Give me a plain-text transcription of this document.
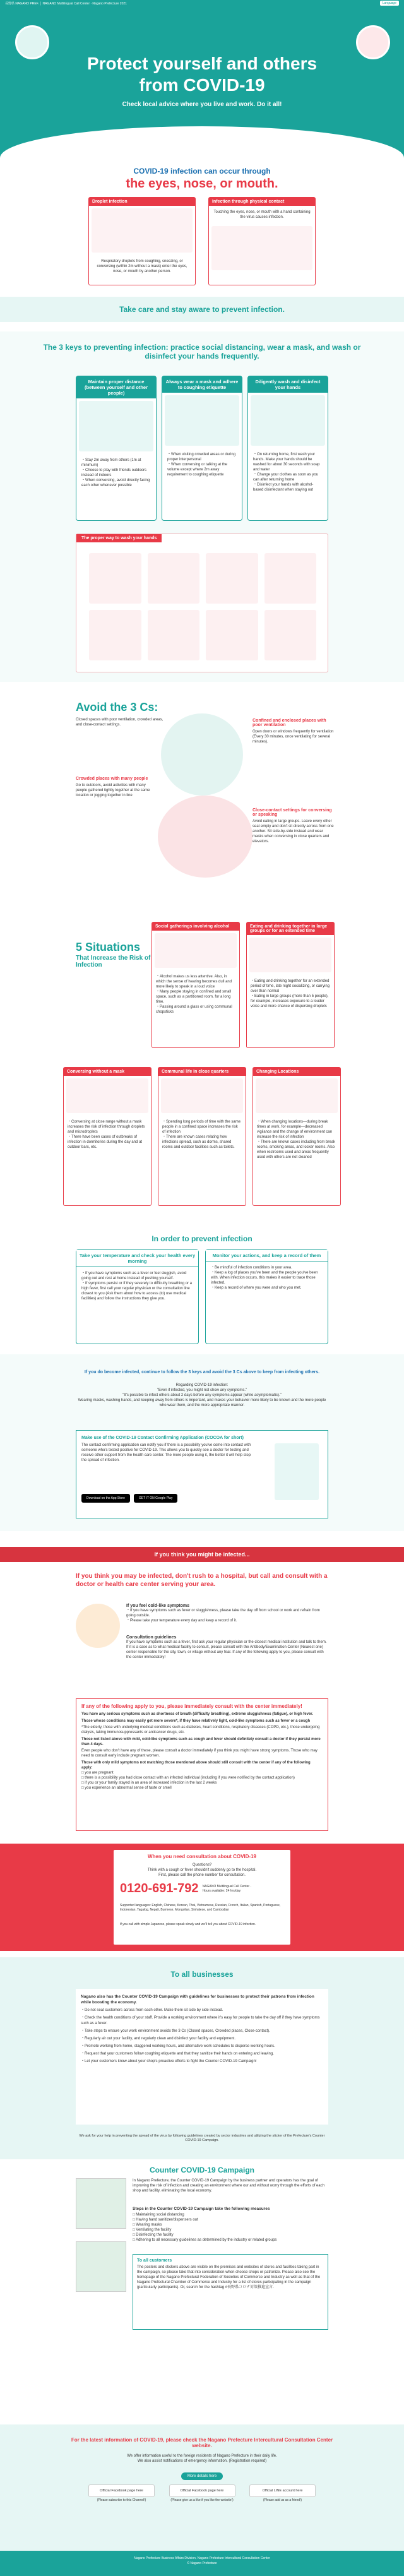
長野県 NAGANO PREF. │ NAGANO Multilingual Call Center · Nagano Prefecture 2021	Language
Protect yourself and others
from COVID-19

Check local advice where you live and work. Do it all!

COVID-19 infection can occur through
the eyes, nose, or mouth.
Droplet infection
Respiratory droplets from coughing, sneezing, or conversing (within 2m without a mask) enter the eyes, nose, or mouth by another person.
Infection through physical contact
Touching the eyes, nose, or mouth with a hand containing the virus causes infection.
Take care and stay aware to prevent infection.
The 3 keys to preventing infection: practice social distancing, wear a mask, and wash or disinfect your hands frequently.
Maintain proper distance (between yourself and other people)
・Stay 2m away from others (1m at minimum)
・Choose to play with friends outdoors instead of indoors
・When conversing, avoid directly facing each other whenever possible
Always wear a mask and adhere to coughing etiquette
・When visiting crowded areas or during proper interpersonal
・When conversing or talking at the volume except where 2m away requirement to coughing etiquette
Diligently wash and disinfect your hands
・On returning home, first wash your hands. Make your hands should be washed for about 30 seconds with soap and water
・Change your clothes as soon as you can after returning home
・Disinfect your hands with alcohol-based disinfectant when staying out
The proper way to wash your hands
Avoid the 3 Cs:
Closed spaces with poor ventilation, crowded areas, and close-contact settings.
Confined and enclosed places with poor ventilation
Open doors or windows frequently for ventilation (Every 30 minutes, once ventilating for several minutes).
Crowded places with many people
Go to outdoors, avoid activities with many people gathered tightly together at the same location or jogging together in line
Close-contact settings for conversing or speaking
Avoid eating in large groups. Leave every other seat empty and don't sit directly across from one another. Sit side-by-side instead and wear masks when conversing in close quarters and elevators.
5 Situations
That Increase the Risk of Infection
Social gatherings involving alcohol
・Alcohol makes us less attentive. Also, in which the sense of hearing becomes dull and more likely to speak in a loud voice
・Many people staying in confined and small space, such as a partitioned room, for a long time.
・Passing around a glass or using communal chopsticks
Eating and drinking together in large groups or for an extended time
・Eating and drinking together for an extended period of time, late night socializing, or carrying over than normal
・Eating in large groups (more than 5 people), for example, increases exposure to a louder voice and more chance of dispersing droplets
Conversing without a mask
・Conversing at close range without a mask increases the risk of infection through droplets and microdroplets
・There have been cases of outbreaks of infection in dormitories during the day and at outdoor bars, etc.
Communal life in close quarters
・Spending long periods of time with the same people in a confined space increases the risk of infection
・There are known cases relating how infections spread, such as dorms, shared rooms and outdoor facilities such as toilets.
Changing Locations
・When changing locations—during break times at work, for example—decreased vigilance and the change of environment can increase the risk of infection
・There are known cases including from break rooms, smoking areas, and locker rooms. Also when restrooms used and areas frequently used with others are not cleaned
In order to prevent infection
Take your temperature and check your health every morning
・If you have symptoms such as a fever or feel sluggish, avoid going out and rest at home instead of pushing yourself.
・If symptoms persist or if they severely to difficulty breathing or a high fever, first call your regular physician or the consultation line closest to you (Ask them about how to access (to) use medical facilities) and follow the instructions they give you.
Monitor your actions, and keep a record of them
・Be mindful of infection conditions in your area.
・Keep a log of places you've been and the people you've been with. When infection occurs, this makes it easier to trace those infected.
・Keep a record of where you were and who you met.
If you do become infected, continue to follow the 3 keys and avoid the 3 Cs above to keep from infecting others.
Regarding COVID-19 infection:
"Even if infected, you might not show any symptoms."
"It's possible to infect others about 2 days before any symptoms appear (while asymptomatic)."
Wearing masks, washing hands, and keeping away from others is important, and makes your behavior more likely to be known and the more people who wear them, and the more appropriate manner.
Make use of the COVID-19 Contact Confirming Application (COCOA for short)
The contact confirming application can notify you if there is a possibility you've come into contact with someone who's tested positive for COVID-19. This allows you to quickly see a doctor for testing and receive other support from the health care center. The more people using it, the better it will help stop the spread of infection.
Download on the App Store	GET IT ON Google Play
If you think you might be infected...
If you think you may be infected, don't rush to a hospital, but call and consult with a doctor or health care center serving your area.
If you feel cold-like symptoms
・If you have symptoms such as fever or sluggishness, please take the day off from school or work and refrain from going outside.
・Please take your temperature every day and keep a record of it.
Consultation guidelines
If you have symptoms such as a fever, first ask your regular physician or the closest medical institution and talk to them. If it is a case as to what medical facility to consult, please consult with the Antibody/Examination Center (Nearest one) center responsible for the city, town, or village without any fear. If any of the following apply to you, please consult with the center immediately!
If any of the following apply to you, please immediately consult with the center immediately!
You have any serious symptoms such as shortness of breath (difficulty breathing), extreme sluggishness (fatigue), or high fever.
Those whose conditions may easily get more severe*, if they have relatively light, cold-like symptoms such as fever or a cough
*The elderly, those with underlying medical conditions such as diabetes, heart conditions, respiratory diseases (COPD, etc.), those undergoing dialysis, taking immunosuppressants or anticancer drugs, etc.
Those not listed above with mild, cold-like symptoms such as cough and fever should definitely consult a doctor if they persist more than 4 days.
Even people who don't have any of these, please consult a doctor immediately if you think you might have strong symptoms. Those who may need to consult early include pregnant women.
Those with only mild symptoms not matching those mentioned above should still consult with the center if any of the following apply:
□ you are pregnant
□ there is a possibility you had close contact with an infected individual (including if you were notified by the contact application)
□ if you or your family stayed in an area of increased infection in the last 2 weeks
□ you experience an abnormal sense of taste or smell
When you need consultation about COVID-19
Questions?
Think with a cough or fever shouldn't suddenly go to the hospital.
First, please call the phone number for consultation.
0120-691-792 NAGANO Multilingual Call Center · Hours available: 24 hrs/day
Supported languages: English, Chinese, Korean, Thai, Vietnamese, Russian, French, Italian, Spanish, Portuguese, Indonesian, Tagalog, Nepali, Burmese, Mongolian, Sinhalese, and Cambodian
If you call with simple Japanese, please speak slowly and we'll tell you about COVID-19 infection.
To all businesses
Nagano also has the Counter COVID-19 Campaign with guidelines for businesses to protect their patrons from infection while boosting the economy.
・Do not seat customers across from each other. Make them sit side by side instead.
・Check the health conditions of your staff. Provide a working environment where it's easy for people to take the day off if they have symptoms such as a fever.
・Take steps to ensure your work environment avoids the 3 Cs (Closed spaces, Crowded places, Close-contact).
・Regularly air out your facility, and regularly clean and disinfect your facility and equipment.
・Promote working from home, staggered working hours, and alternative work schedules to disperse working hours.
・Request that your customers follow coughing etiquette and that they sanitize their hands on entering and leaving.
・Let your customers know about your shop's proactive efforts to fight the Counter COVID-19 Campaign!
We ask for your help in preventing the spread of the virus by following guidelines created by sector industries and utilizing the sticker of the Prefecture's Counter COVID-19 Campaign.
Counter COVID-19 Campaign
In Nagano Prefecture, the Counter COVID-19 Campaign by the business partner and operators has the goal of improving the risk of infection and creating an environment where our and without worry through the efforts of each shop and facility, eliminating the local economy.
Steps in the Counter COVID-19 Campaign take the following measures
□ Maintaining social distancing
□ Having hand sanitizer/dispensers out
□ Wearing masks
□ Ventilating the facility
□ Disinfecting the facility
□ Adhering to all necessary guidelines as determined by the industry or related groups
To all customers
The posters and stickers above are visible on the premises and websites of stores and facilities taking part in the campaign, so please take that into consideration when choose shops or patronize. Please also see the homepage of the Nagano Prefectural Federation of Societies of Commerce and Industry as well as that of the Nagano Prefectural Chamber of Commerce and Industry for a list of stores participating in the campaign (particularly participants). Or, search for the hashtag #長野県コロナ対策推進宣言.
For the latest information of COVID-19, please check the Nagano Prefecture Intercultural Consultation Center website.
We offer information useful to the foreign residents of Nagano Prefecture in their daily life.
We also assist notifications of emergency information. (Registration required)
More details here
Official Facebook page here
(Please subscribe to this Channel!)
Official Facebook page here
(Please give us a like if you like the website!)
Official LINE account here
(Please add us as a friend!)
Nagano Prefecture Business Affairs Division, Nagano Prefecture Intercultural Consultation Center
© Nagano Prefecture
